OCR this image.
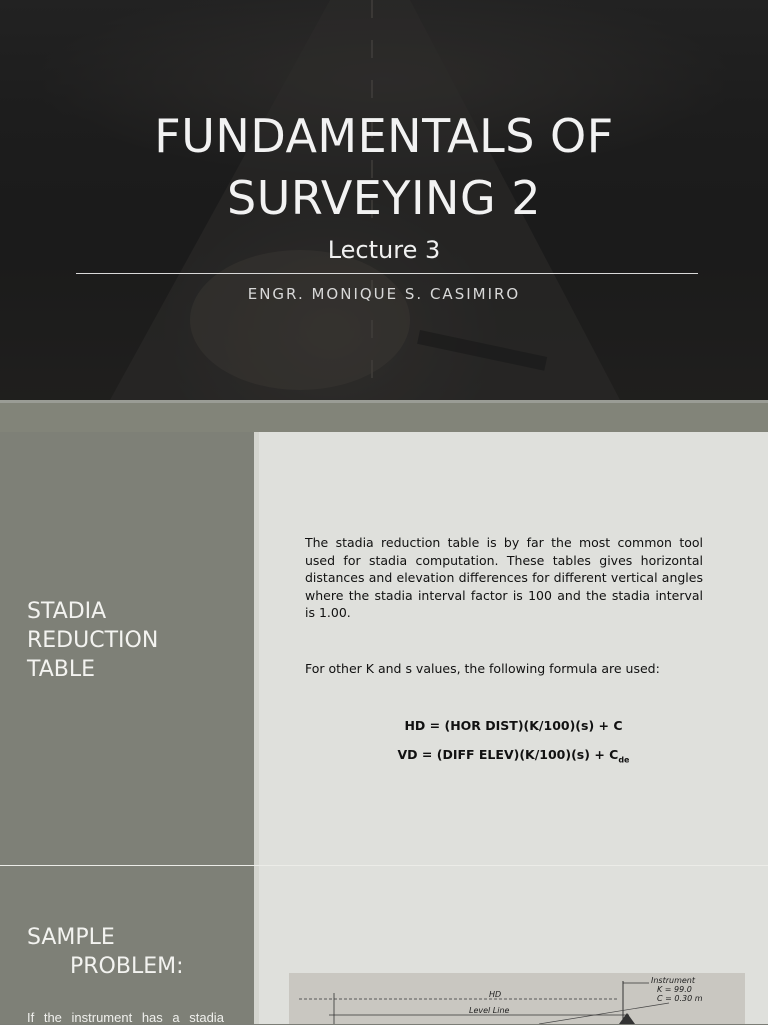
FUNDAMENTALS OF
SURVEYING 2
Lecture 3
ENGR. MONIQUE S. CASIMIRO
STADIA
REDUCTION
TABLE

The stadia reduction table is by far the most common tool used for stadia computation. These tables gives horizontal distances and elevation differences for different vertical angles where the stadia interval factor is 100 and the stadia interval is 1.00.

For other K and s values, the following formula are used:

HD = (HOR DIST)(K/100)(s) + C
VD = (DIFF ELEV)(K/100)(s) + $C_{de}$
SAMPLE
PROBLEM:
If the instrument has a stadia
HD
Level Line
Instrument
K = 99.0
C = 0.30 m
